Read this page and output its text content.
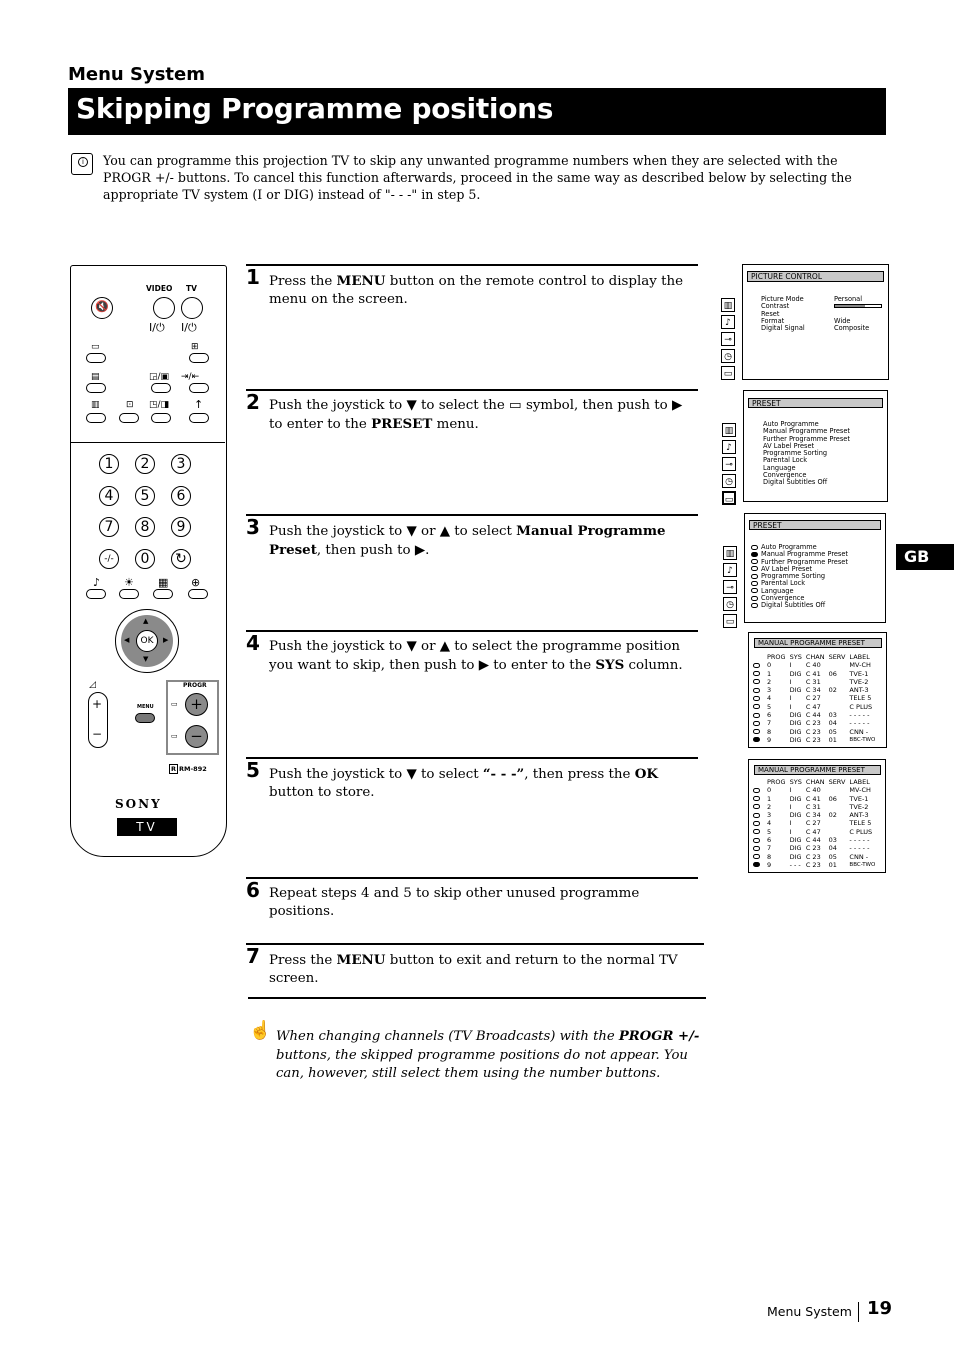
Menu System
Skipping Programme positions
i	You can programme this projection TV to skip any unwanted programme numbers when they are selected with the PROGR +/- buttons. To cancel this function afterwards, proceed in the same way as described below by selecting the appropriate TV system (I or DIG) instead of "- - -" in step 5.
1 Press the MENU button on the remote control to display the menu on the screen.
2 Push the joystick to ▼ to select the ▭ symbol, then push to ▶ to enter to the PRESET menu.
3 Push the joystick to ▼ or ▲ to select Manual Programme Preset, then push to ▶.
4 Push the joystick to ▼ or ▲ to select the programme position you want to skip, then push to ▶ to enter to the SYS column.
5 Push the joystick to ▼ to select “- - -”, then press the OK button to store.
6 Repeat steps 4 and 5 to skip other unused programme positions.
7 Press the MENU button to exit and return to the normal TV screen.
☝ When changing channels (TV Broadcasts) with the PROGR +/- buttons, the skipped programme positions do not appear. You can, however, still select them using the number buttons.
VIDEO TV
🔇
I/⏻ I/⏻
▭	⊞
▤	◲/▣ ⇥/⇤
▥	⊡ ◳/◨ ↑
1	2	3
4	5	6
7	8	9
-/-	0	↻
♪ ☀ ▦ ⊕
OK
▲
▼
◀	▶
+
−
◿
MENU
PROGR
+
−
▭
▭
R RM-892
SONY
TV
PICTURE CONTROL
▥
♪
⊸
◷
▭
Picture Mode
Contrast
Reset
Format
Digital Signal
Personal
Wide
Composite
PRESET
▥
♪
⊸
◷
▭
Auto Programme
Manual Programme Preset
Further Programme Preset
AV Label Preset
Programme Sorting
Parental Lock
Language
Convergence
Digital Subtitles Off
PRESET
▥
♪
⊸
◷
▭
Auto Programme
Manual Programme Preset
Further Programme Preset
AV Label Preset
Programme Sorting
Parental Lock
Language
Convergence
Digital Subtitles Off
MANUAL PROGRAMME PRESET
	PROG	SYS	CHAN	SERV	LABEL
	0	I	C 40		MV-CH
	1	DIG	C 41	06	TVE-1
	2	I	C 31		TVE-2
	3	DIG	C 34	02	ANT-3
	4	I	C 27		TELE 5
	5	I	C 47		C PLUS
	6	DIG	C 44	03	- - - - -
	7	DIG	C 23	04	- - - - -
	8	DIG	C 23	05	CNN -
	9	DIG	C 23	01	BBC-TWO
MANUAL PROGRAMME PRESET
	PROG	SYS	CHAN	SERV	LABEL
	0	I	C 40		MV-CH
	1	DIG	C 41	06	TVE-1
	2	I	C 31		TVE-2
	3	DIG	C 34	02	ANT-3
	4	I	C 27		TELE 5
	5	I	C 47		C PLUS
	6	DIG	C 44	03	- - - - -
	7	DIG	C 23	04	- - - - -
	8	DIG	C 23	05	CNN -
	9	- - -	C 23	01	BBC-TWO
GB
Menu System 19
